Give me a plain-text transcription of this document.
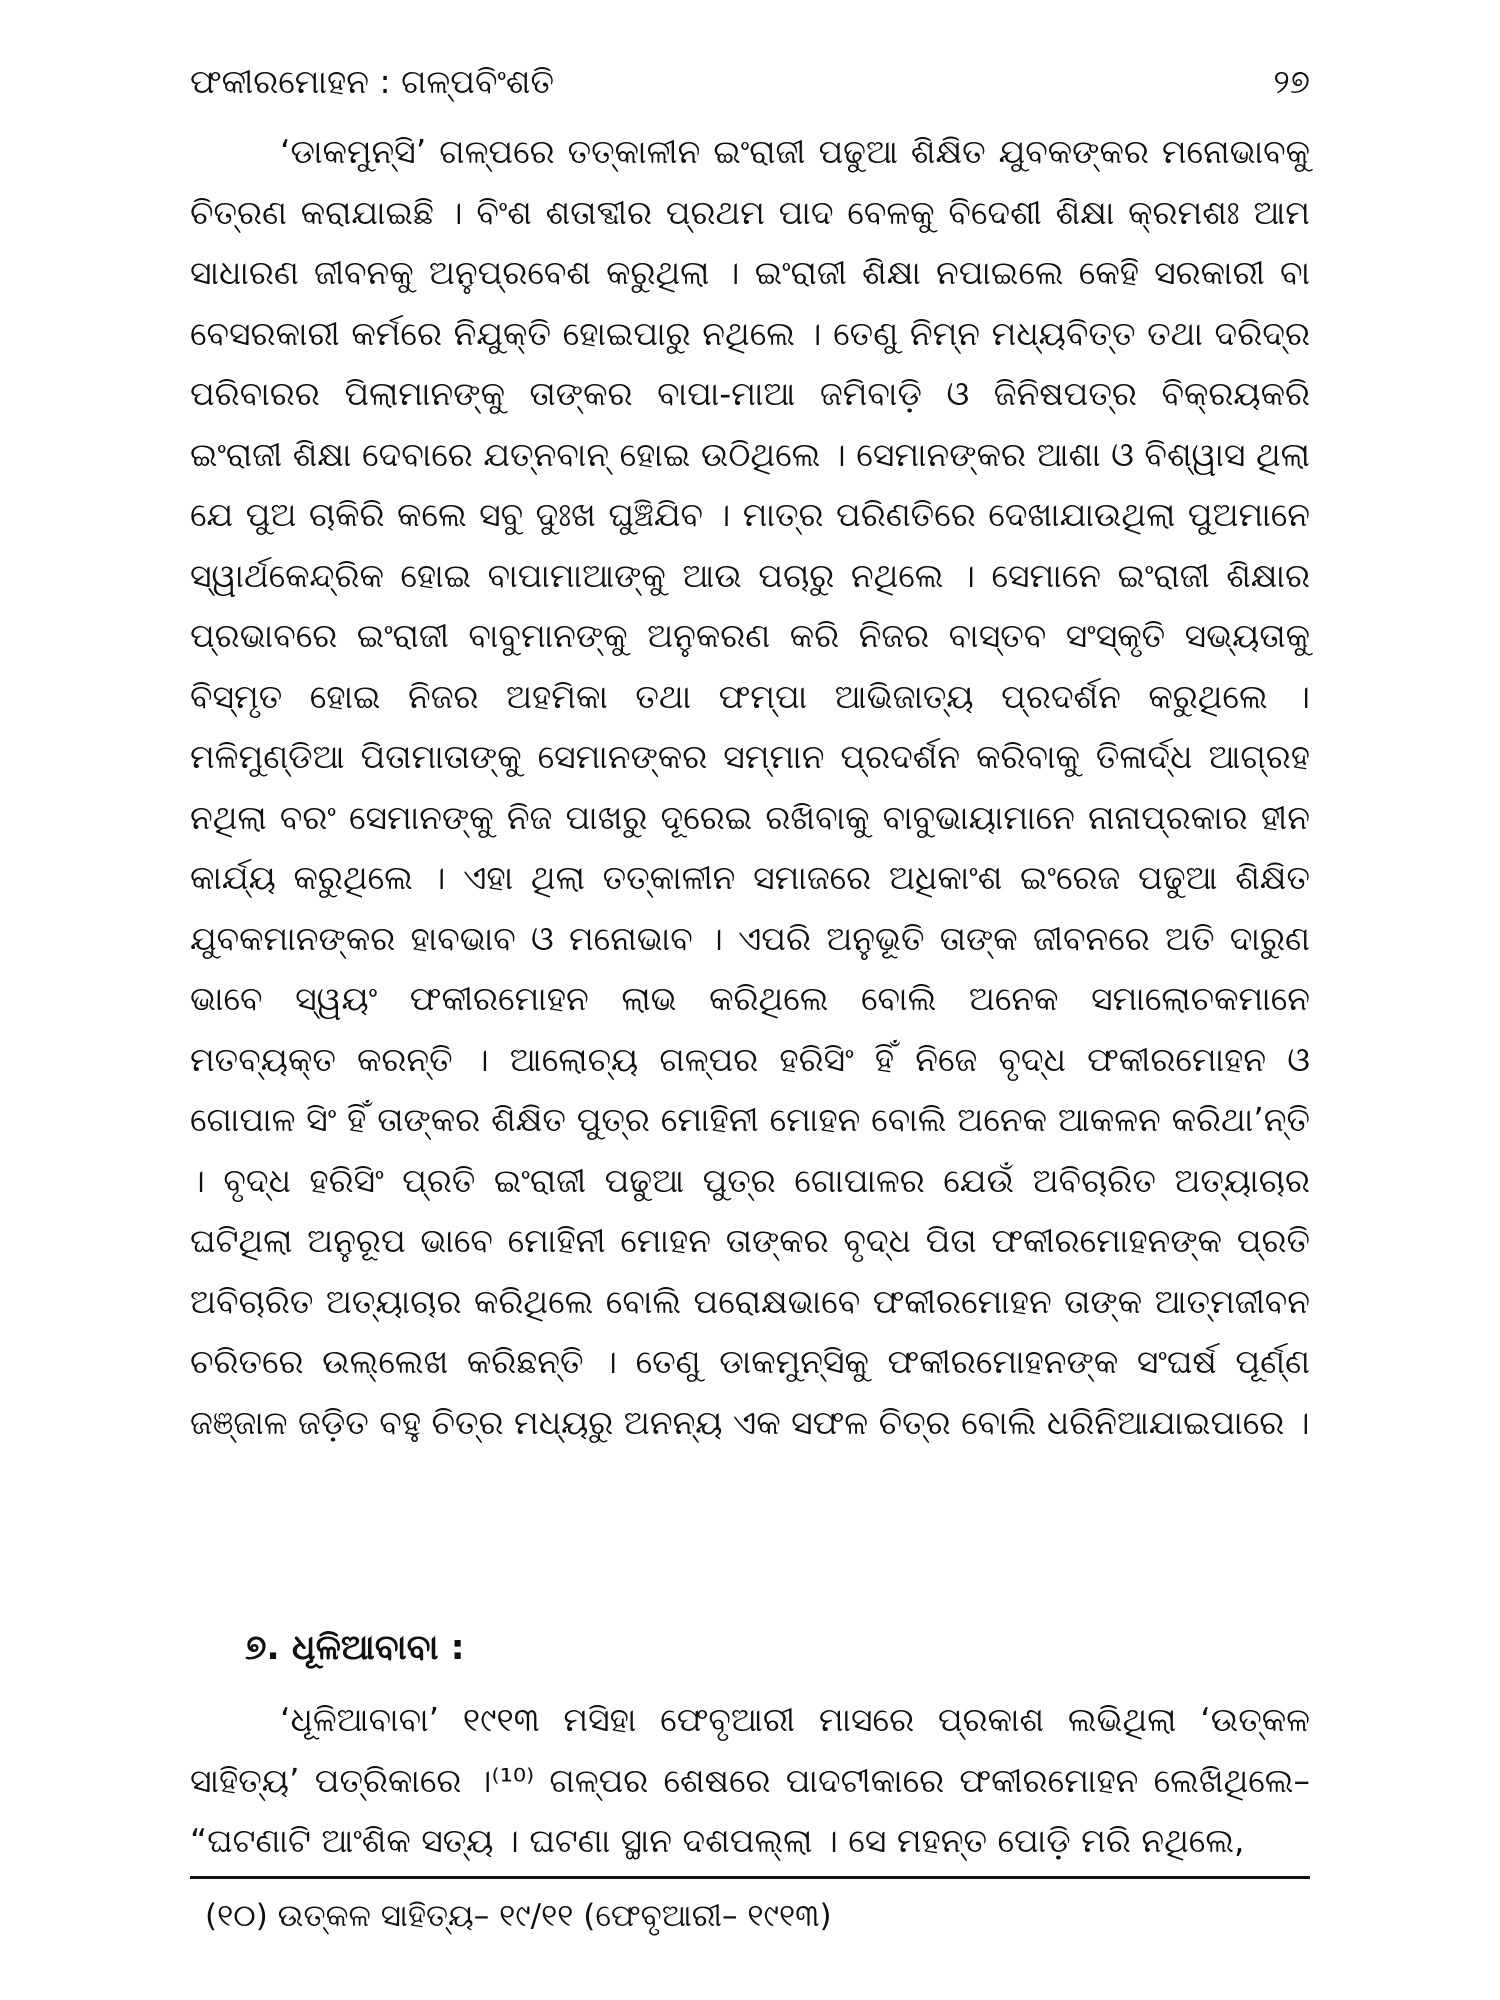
ଫକୀରମୋହନ : ଗଳ୍ପବିଂଶତି	୨୭

‘ଡାକମୁନ୍‌ସି’ ଗଳ୍ପରେ ତତ୍କାଳୀନ ଇଂରାଜୀ ପଢୁଆ ଶିକ୍ଷିତ ଯୁବକଙ୍କର ମନୋଭାବକୁ ଚିତ୍ରଣ କରାଯାଇଛି । ବିଂଶ ଶତାବ୍ଦୀର ପ୍ରଥମ ପାଦ ବେଳକୁ ବିଦେଶୀ ଶିକ୍ଷା କ୍ରମଶଃ ଆମ ସାଧାରଣ ଜୀବନକୁ ଅନୁପ୍ରବେଶ କରୁଥିଲା । ଇଂରାଜୀ ଶିକ୍ଷା ନପାଇଲେ କେହି ସରକାରୀ ବା ବେସରକାରୀ କର୍ମରେ ନିଯୁକ୍ତି ହୋଇପାରୁ ନଥିଲେ । ତେଣୁ ନିମ୍ନ ମଧ୍ୟବିତ୍ତ ତଥା ଦରିଦ୍ର ପରିବାରର ପିଲାମାନଙ୍କୁ ତାଙ୍କର ବାପା-ମାଆ ଜମିବାଡ଼ି ଓ ଜିନିଷପତ୍ର ବିକ୍ରୟକରି ଇଂରାଜୀ ଶିକ୍ଷା ଦେବାରେ ଯତ୍ନବାନ୍ ହୋଇ ଉଠିଥିଲେ । ସେମାନଙ୍କର ଆଶା ଓ ବିଶ୍ୱାସ ଥିଲା ଯେ ପୁଅ ଚାକିରି କଲେ ସବୁ ଦୁଃଖ ଘୁଞ୍ଚିଯିବ । ମାତ୍ର ପରିଣତିରେ ଦେଖାଯାଉଥିଲା ପୁଅମାନେ ସ୍ୱାର୍ଥକେନ୍ଦ୍ରିକ ହୋଇ ବାପାମାଆଙ୍କୁ ଆଉ ପଚାରୁ ନଥିଲେ । ସେମାନେ ଇଂରାଜୀ ଶିକ୍ଷାର ପ୍ରଭାବରେ ଇଂରାଜୀ ବାବୁମାନଙ୍କୁ ଅନୁକରଣ କରି ନିଜର ବାସ୍ତବ ସଂସ୍କୃତି ସଭ୍ୟତାକୁ ବିସ୍ମୃତ ହୋଇ ନିଜର ଅହମିକା ତଥା ଫମ୍ପା ଆଭିଜାତ୍ୟ ପ୍ରଦର୍ଶନ କରୁଥିଲେ । ମଳିମୁଣ୍ଡିଆ ପିତାମାତାଙ୍କୁ ସେମାନଙ୍କର ସମ୍ମାନ ପ୍ରଦର୍ଶନ କରିବାକୁ ତିଳାର୍ଦ୍ଧ ଆଗ୍ରହ ନଥିଲା ବରଂ ସେମାନଙ୍କୁ ନିଜ ପାଖରୁ ଦୂରେଇ ରଖିବାକୁ ବାବୁଭାୟାମାନେ ନାନାପ୍ରକାର ହୀନ କାର୍ଯ୍ୟ କରୁଥିଲେ । ଏହା ଥିଲା ତତ୍କାଳୀନ ସମାଜରେ ଅଧିକାଂଶ ଇଂରେଜ ପଢୁଆ ଶିକ୍ଷିତ ଯୁବକମାନଙ୍କର ହାବଭାବ ଓ ମନୋଭାବ । ଏପରି ଅନୁଭୂତି ତାଙ୍କ ଜୀବନରେ ଅତି ଦାରୁଣ ଭାବେ ସ୍ୱୟଂ ଫକୀରମୋହନ ଲାଭ କରିଥିଲେ ବୋଲି ଅନେକ ସମାଲୋଚକମାନେ ମତବ୍ୟକ୍ତ କରନ୍ତି । ଆଲୋଚ୍ୟ ଗଳ୍ପର ହରିସିଂ ହିଁ ନିଜେ ବୃଦ୍ଧ ଫକୀରମୋହନ ଓ ଗୋପାଳ ସିଂ ହିଁ ତାଙ୍କର ଶିକ୍ଷିତ ପୁତ୍ର ମୋହିନୀ ମୋହନ ବୋଲି ଅନେକ ଆକଳନ କରିଥା’ନ୍ତି । ବୃଦ୍ଧ ହରିସିଂ ପ୍ରତି ଇଂରାଜୀ ପଢୁଆ ପୁତ୍ର ଗୋପାଳର ଯେଉଁ ଅବିଚାରିତ ଅତ୍ୟାଚାର ଘଟିଥିଲା ଅନୁରୂପ ଭାବେ ମୋହିନୀ ମୋହନ ତାଙ୍କର ବୃଦ୍ଧ ପିତା ଫକୀରମୋହନଙ୍କ ପ୍ରତି ଅବିଚାରିତ ଅତ୍ୟାଚାର କରିଥିଲେ ବୋଲି ପରୋକ୍ଷଭାବେ ଫକୀରମୋହନ ତାଙ୍କ ଆତ୍ମଜୀବନ ଚରିତରେ ଉଲ୍ଲେଖ କରିଛନ୍ତି । ତେଣୁ ଡାକମୁନ୍‌ସିକୁ ଫକୀରମୋହନଙ୍କ ସଂଘର୍ଷ ପୂର୍ଣ୍ଣ ଜଞ୍ଜାଳ ଜଡ଼ିତ ବହୁ ଚିତ୍ର ମଧ୍ୟରୁ ଅନନ୍ୟ ଏକ ସଫଳ ଚିତ୍ର ବୋଲି ଧରିନିଆଯାଇପାରେ ।

୭. ଧୂଳିଆବାବା :

‘ଧୂଳିଆବାବା’ ୧୯୧୩ ମସିହା ଫେବୃଆରୀ ମାସରେ ପ୍ରକାଶ ଲଭିଥିଲା ‘ଉତ୍କଳ ସାହିତ୍ୟ’ ପତ୍ରିକାରେ ।⁽¹⁰⁾ ଗଳ୍ପର ଶେଷରେ ପାଦଟୀକାରେ ଫକୀରମୋହନ ଲେଖିଥିଲେ– “ଘଟଣାଟି ଆଂଶିକ ସତ୍ୟ । ଘଟଣା ସ୍ଥାନ ଦଶପଲ୍ଲା । ସେ ମହନ୍ତ ପୋଡ଼ି ମରି ନଥିଲେ,

(୧୦) ଉତ୍କଳ ସାହିତ୍ୟ– ୧୯/୧୧ (ଫେବୃଆରୀ– ୧୯୧୩)
